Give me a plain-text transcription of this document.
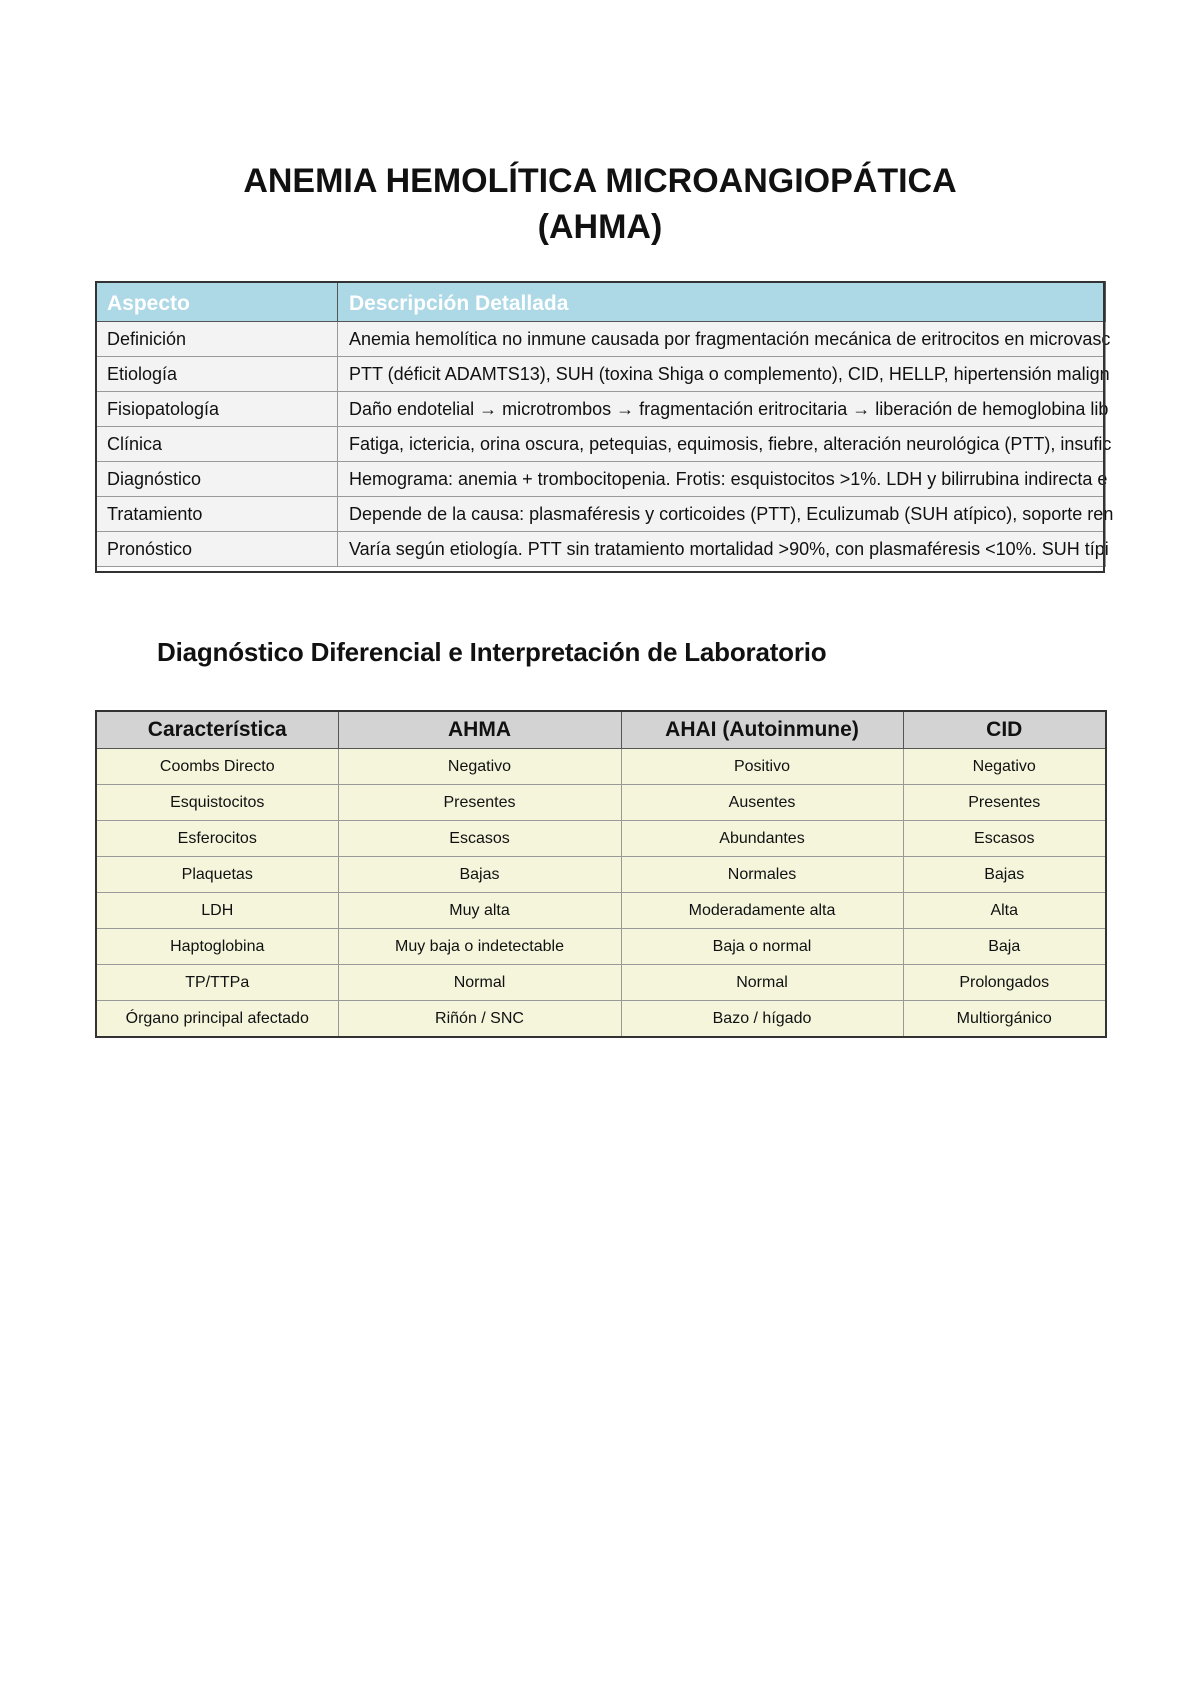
ANEMIA HEMOLÍTICA MICROANGIOPÁTICA
(AHMA)
Aspecto	Descripción Detallada
Definición	Anemia hemolítica no inmune causada por fragmentación mecánica de eritrocitos en microvasc
Etiología	PTT (déficit ADAMTS13), SUH (toxina Shiga o complemento), CID, HELLP, hipertensión malign
Fisiopatología	Daño endotelial → microtrombos → fragmentación eritrocitaria → liberación de hemoglobina lib
Clínica	Fatiga, ictericia, orina oscura, petequias, equimosis, fiebre, alteración neurológica (PTT), insufic
Diagnóstico	Hemograma: anemia + trombocitopenia. Frotis: esquistocitos >1%. LDH y bilirrubina indirecta e
Tratamiento	Depende de la causa: plasmaféresis y corticoides (PTT), Eculizumab (SUH atípico), soporte ren
Pronóstico	Varía según etiología. PTT sin tratamiento mortalidad >90%, con plasmaféresis <10%. SUH típi
Diagnóstico Diferencial e Interpretación de Laboratorio
Característica	AHMA	AHAI (Autoinmune)	CID
Coombs Directo	Negativo	Positivo	Negativo
Esquistocitos	Presentes	Ausentes	Presentes
Esferocitos	Escasos	Abundantes	Escasos
Plaquetas	Bajas	Normales	Bajas
LDH	Muy alta	Moderadamente alta	Alta
Haptoglobina	Muy baja o indetectable	Baja o normal	Baja
TP/TTPa	Normal	Normal	Prolongados
Órgano principal afectado	Riñón / SNC	Bazo / hígado	Multiorgánico
